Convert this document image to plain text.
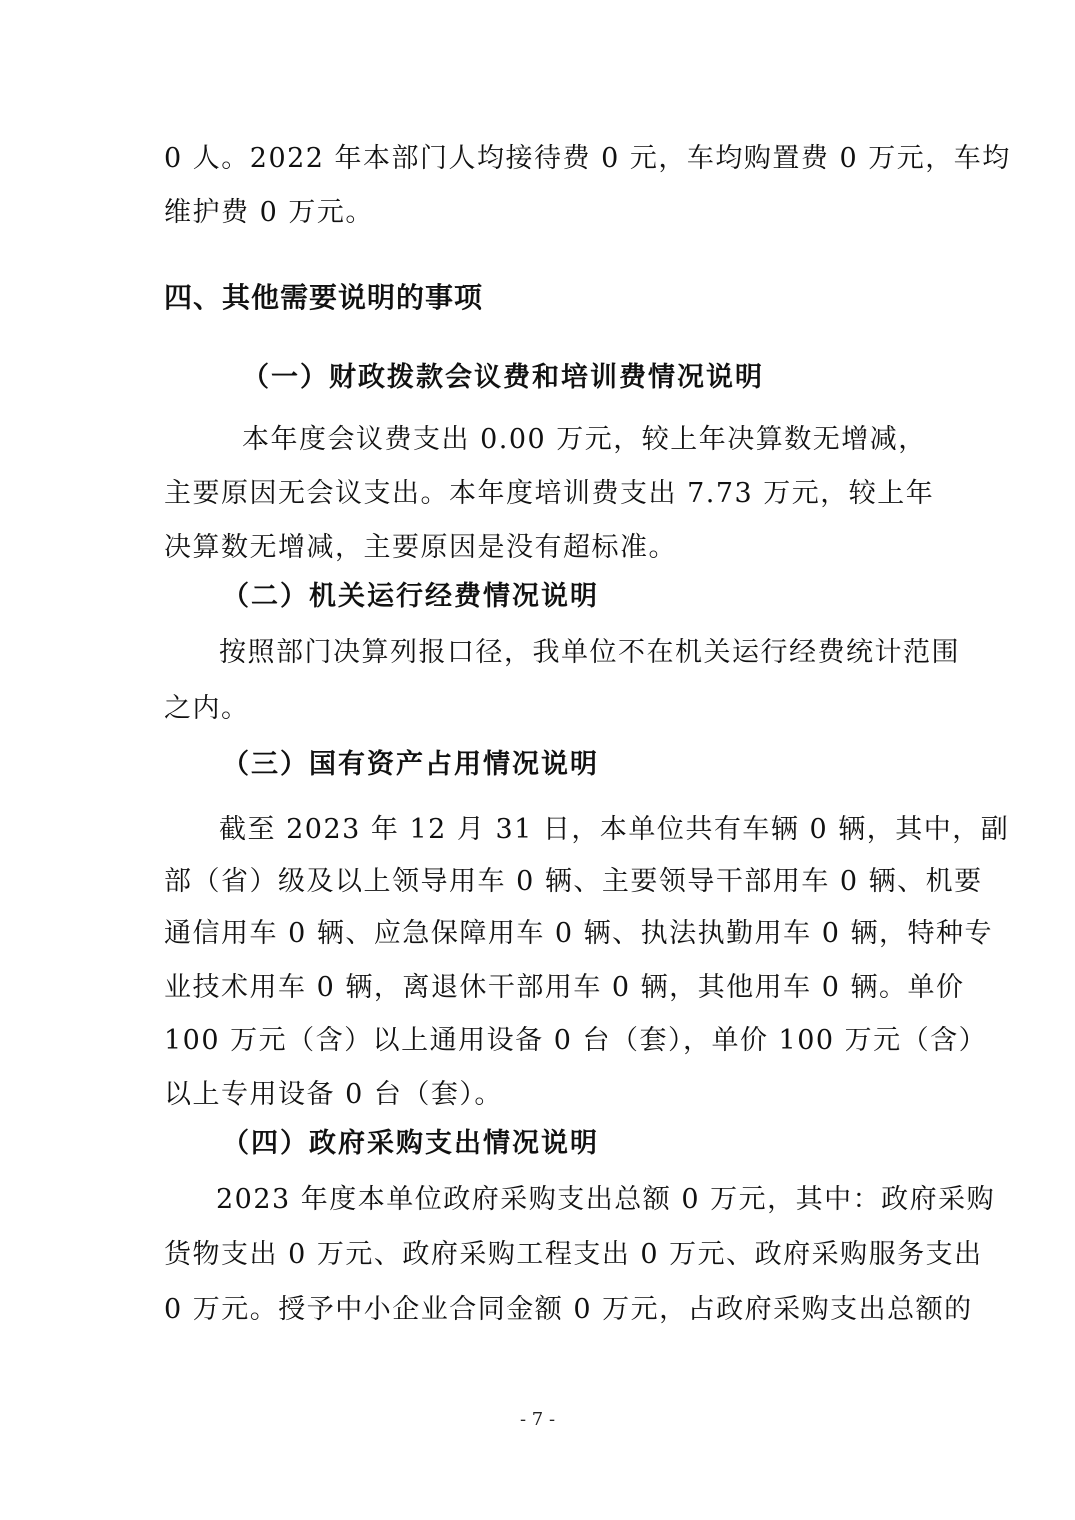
0 人。2022 年本部门人均接待费 0 元，车均购置费 0 万元，车均
维护费 0 万元。
四、其他需要说明的事项
（一）财政拨款会议费和培训费情况说明
本年度会议费支出 0.00 万元，较上年决算数无增减，
主要原因无会议支出。本年度培训费支出 7.73 万元，较上年
决算数无增减，主要原因是没有超标准。
（二）机关运行经费情况说明
按照部门决算列报口径，我单位不在机关运行经费统计范围
之内。
（三）国有资产占用情况说明
截至 2023 年 12 月 31 日，本单位共有车辆 0 辆，其中，副
部（省）级及以上领导用车 0 辆、主要领导干部用车 0 辆、机要
通信用车 0 辆、应急保障用车 0 辆、执法执勤用车 0 辆，特种专
业技术用车 0 辆，离退休干部用车 0 辆，其他用车 0 辆。单价
100 万元（含）以上通用设备 0 台（套），单价 100 万元（含）
以上专用设备 0 台（套）。
（四）政府采购支出情况说明
2023 年度本单位政府采购支出总额 0 万元，其中：政府采购
货物支出 0 万元、政府采购工程支出 0 万元、政府采购服务支出
0 万元。授予中小企业合同金额 0 万元，占政府采购支出总额的
- 7 -
